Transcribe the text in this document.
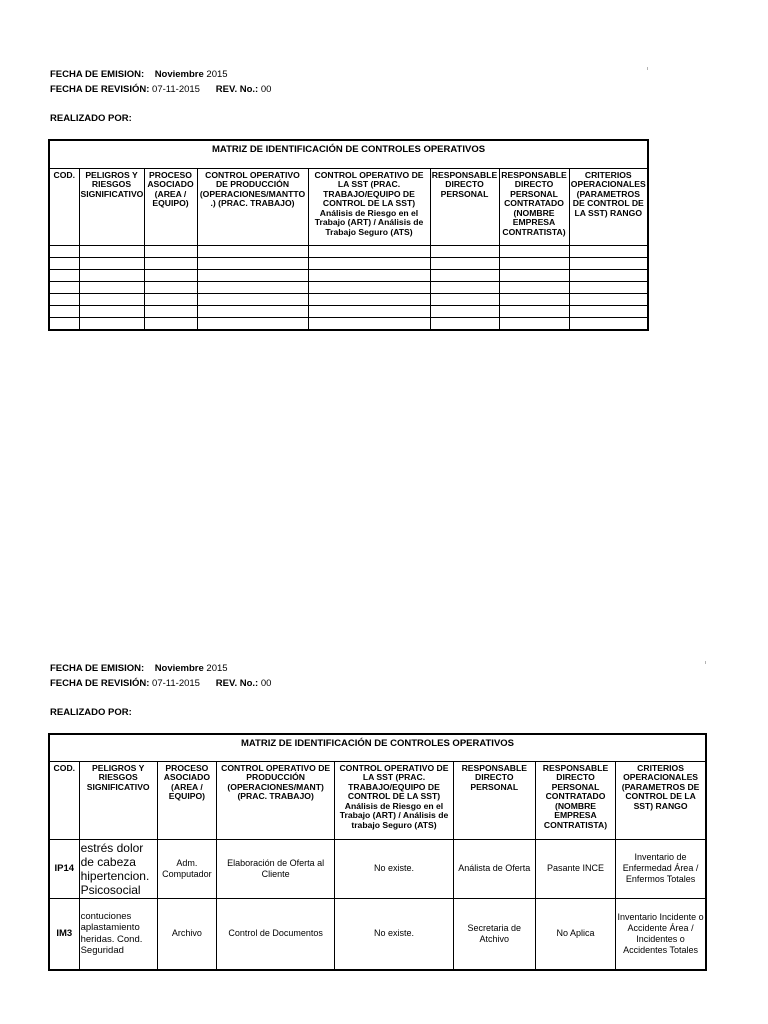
FECHA DE EMISION: Noviembre 2015
FECHA DE REVISIÓN: 07-11-2015 REV. No.: 00
REALIZADO POR:
ı
MATRIZ DE IDENTIFICACIÓN DE CONTROLES OPERATIVOS							
COD.	PELIGROS Y RIESGOS SIGNIFICATIVO	PROCESO ASOCIADO (AREA / EQUIPO)	CONTROL OPERATIVO DE PRODUCCIÓN (OPERACIONES/MANTTO .) (PRAC. TRABAJO)	CONTROL OPERATIVO DE LA SST (PRAC. TRABAJO/EQUIPO DE CONTROL DE LA SST)
Análisis de Riesgo en el Trabajo (ART) / Análisis de Trabajo Seguro (ATS)	RESPONSABLE DIRECTO PERSONAL	RESPONSABLE DIRECTO PERSONAL CONTRATADO (NOMBRE EMPRESA CONTRATISTA)	CRITERIOS OPERACIONALES (PARAMETROS DE CONTROL DE LA SST) RANGO

FECHA DE EMISION: Noviembre 2015
FECHA DE REVISIÓN: 07-11-2015 REV. No.: 00
REALIZADO POR:
ı
MATRIZ DE IDENTIFICACIÓN DE CONTROLES OPERATIVOS							
COD.	PELIGROS Y RIESGOS SIGNIFICATIVO	PROCESO ASOCIADO (AREA / EQUIPO)	CONTROL OPERATIVO DE PRODUCCIÓN (OPERACIONES/MANT) (PRAC. TRABAJO)	CONTROL OPERATIVO DE LA SST (PRAC. TRABAJO/EQUIPO DE CONTROL DE LA SST)
Análisis de Riesgo en el Trabajo (ART) / Análisis de trabajo Seguro (ATS)	RESPONSABLE DIRECTO PERSONAL	RESPONSABLE DIRECTO PERSONAL CONTRATADO (NOMBRE EMPRESA CONTRATISTA)	CRITERIOS OPERACIONALES (PARAMETROS DE CONTROL DE LA SST) RANGO
IP14	estrés dolor de cabeza hipertencion. Psicosocial	Adm. Computador	Elaboración de Oferta al Cliente	No existe.	Análista de Oferta	Pasante INCE	Inventario de Enfermedad Área / Enfermos Totales
IM3	contuciones aplastamiento heridas. Cond. Seguridad	Archivo	Control de Documentos	No existe.	Secretaria de Atchivo	No Aplica	Inventario Incidente o Accidente Área / Incidentes o Accidentes Totales
